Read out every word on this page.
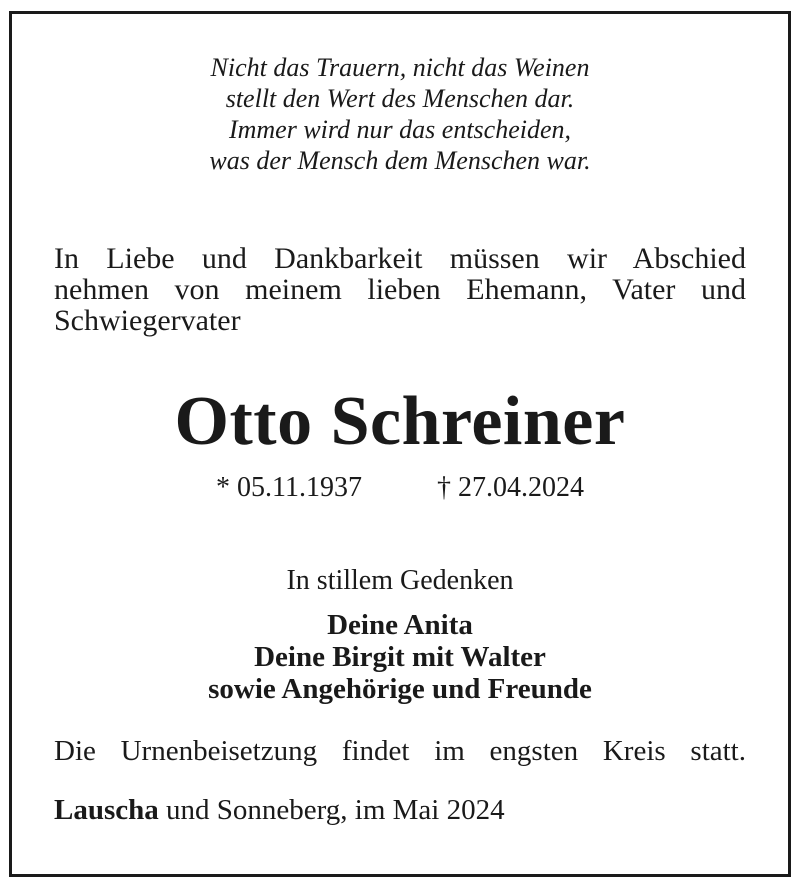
Nicht das Trauern, nicht das Weinen
stellt den Wert des Menschen dar.
Immer wird nur das entscheiden,
was der Mensch dem Menschen war.
In Liebe und Dankbarkeit müssen wir Abschied
nehmen von meinem lieben Ehemann, Vater und
Schwiegervater
Otto Schreiner
* 05.11.1937	† 27.04.2024
In stillem Gedenken
Deine Anita
Deine Birgit mit Walter
sowie Angehörige und Freunde
Die Urnenbeisetzung findet im engsten Kreis statt.
Lauscha und Sonneberg, im Mai 2024
